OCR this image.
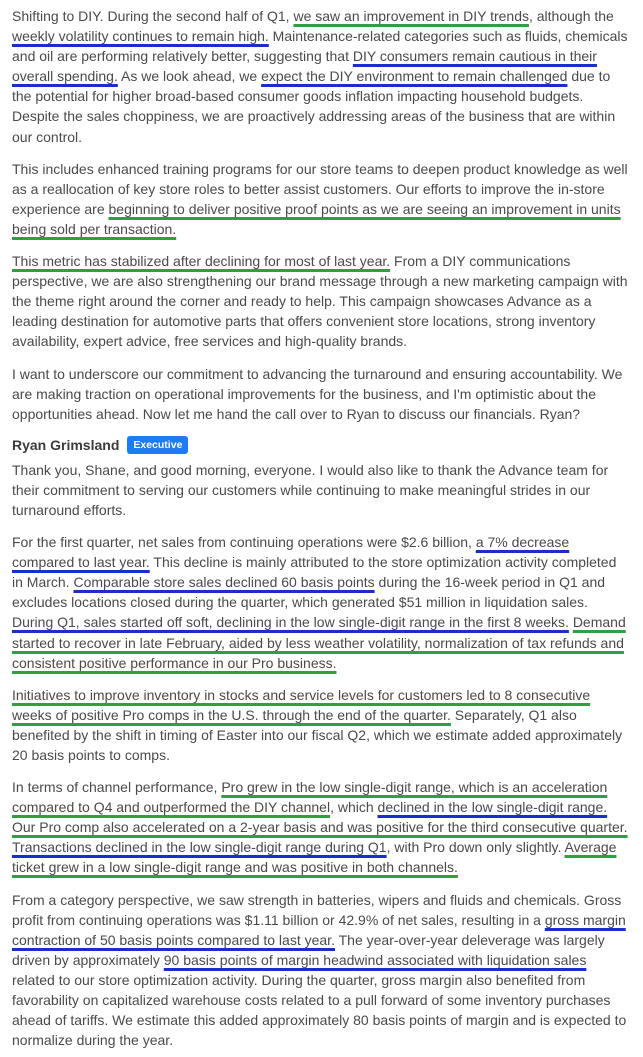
Shifting to DIY. During the second half of Q1, we saw an improvement in DIY trends, although the weekly volatility continues to remain high. Maintenance-related categories such as fluids, chemicals and oil are performing relatively better, suggesting that DIY consumers remain cautious in their overall spending. As we look ahead, we expect the DIY environment to remain challenged due to the potential for higher broad-based consumer goods inflation impacting household budgets. Despite the sales choppiness, we are proactively addressing areas of the business that are within our control.

This includes enhanced training programs for our store teams to deepen product knowledge as well as a reallocation of key store roles to better assist customers. Our efforts to improve the in-store experience are beginning to deliver positive proof points as we are seeing an improvement in units being sold per transaction.

This metric has stabilized after declining for most of last year. From a DIY communications perspective, we are also strengthening our brand message through a new marketing campaign with the theme right around the corner and ready to help. This campaign showcases Advance as a leading destination for automotive parts that offers convenient store locations, strong inventory availability, expert advice, free services and high-quality brands.

I want to underscore our commitment to advancing the turnaround and ensuring accountability. We are making traction on operational improvements for the business, and I'm optimistic about the opportunities ahead. Now let me hand the call over to Ryan to discuss our financials. Ryan?

Ryan Grimsland	Executive

Thank you, Shane, and good morning, everyone. I would also like to thank the Advance team for their commitment to serving our customers while continuing to make meaningful strides in our turnaround efforts.

For the first quarter, net sales from continuing operations were $2.6 billion, a 7% decrease compared to last year. This decline is mainly attributed to the store optimization activity completed in March. Comparable store sales declined 60 basis points during the 16-week period in Q1 and excludes locations closed during the quarter, which generated $51 million in liquidation sales. During Q1, sales started off soft, declining in the low single-digit range in the first 8 weeks. Demand started to recover in late February, aided by less weather volatility, normalization of tax refunds and consistent positive performance in our Pro business.

Initiatives to improve inventory in stocks and service levels for customers led to 8 consecutive weeks of positive Pro comps in the U.S. through the end of the quarter. Separately, Q1 also benefited by the shift in timing of Easter into our fiscal Q2, which we estimate added approximately 20 basis points to comps.

In terms of channel performance, Pro grew in the low single-digit range, which is an acceleration compared to Q4 and outperformed the DIY channel, which declined in the low single-digit range. Our Pro comp also accelerated on a 2-year basis and was positive for the third consecutive quarter. Transactions declined in the low single-digit range during Q1, with Pro down only slightly. Average ticket grew in a low single-digit range and was positive in both channels.

From a category perspective, we saw strength in batteries, wipers and fluids and chemicals. Gross profit from continuing operations was $1.11 billion or 42.9% of net sales, resulting in a gross margin contraction of 50 basis points compared to last year. The year-over-year deleverage was largely driven by approximately 90 basis points of margin headwind associated with liquidation sales related to our store optimization activity. During the quarter, gross margin also benefited from favorability on capitalized warehouse costs related to a pull forward of some inventory purchases ahead of tariffs. We estimate this added approximately 80 basis points of margin and is expected to normalize during the year.
